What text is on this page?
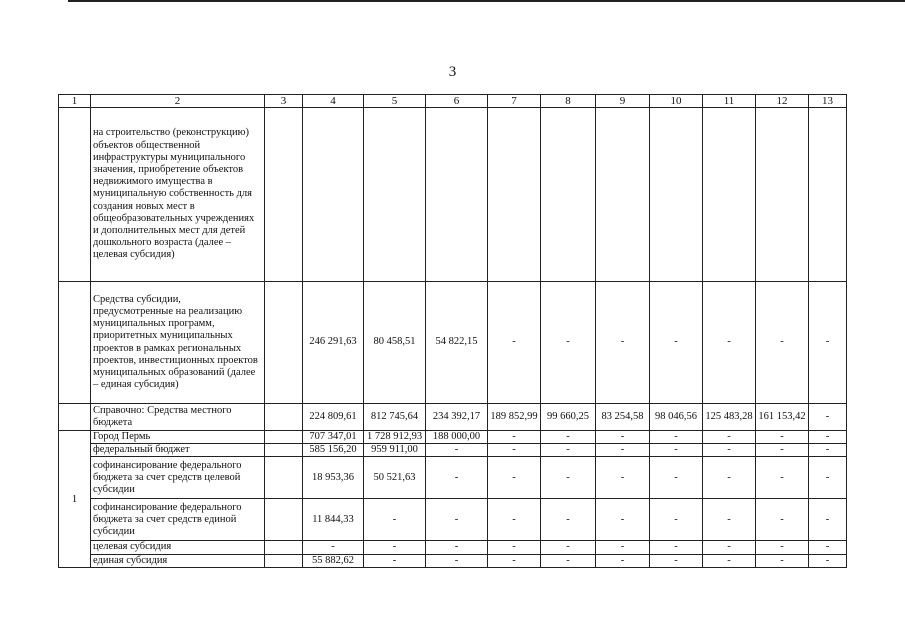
3
1	2	3	4	5	6	7	8	9	10	11	12	13
	на строительство (реконструкцию) объектов общественной инфраструктуры муниципального значения, приобретение объектов недвижимого имущества в муниципальную собственность для создания новых мест в общеобразовательных учреждениях и дополнительных мест для детей дошкольного возраста (далее – целевая субсидия)											
	Средства субсидии, предусмотренные на реализацию муниципальных программ, приоритетных муниципальных проектов в рамках региональных проектов, инвестиционных проектов муниципальных образований (далее – единая субсидия)		246 291,63	80 458,51	54 822,15	-	-	-	-	-	-	-
	Справочно: Средства местного бюджета		224 809,61	812 745,64	234 392,17	189 852,99	99 660,25	83 254,58	98 046,56	125 483,28	161 153,42	-
1	Город Пермь		707 347,01	1 728 912,93	188 000,00	-	-	-	-	-	-	-
	федеральный бюджет		585 156,20	959 911,00	-	-	-	-	-	-	-	-
	софинансирование федерального бюджета за счет средств целевой субсидии		18 953,36	50 521,63	-	-	-	-	-	-	-	-
	софинансирование федерального бюджета за счет средств единой субсидии		11 844,33	-	-	-	-	-	-	-	-	-
	целевая субсидия		-	-	-	-	-	-	-	-	-	-
	единая субсидия		55 882,62	-	-	-	-	-	-	-	-	-
